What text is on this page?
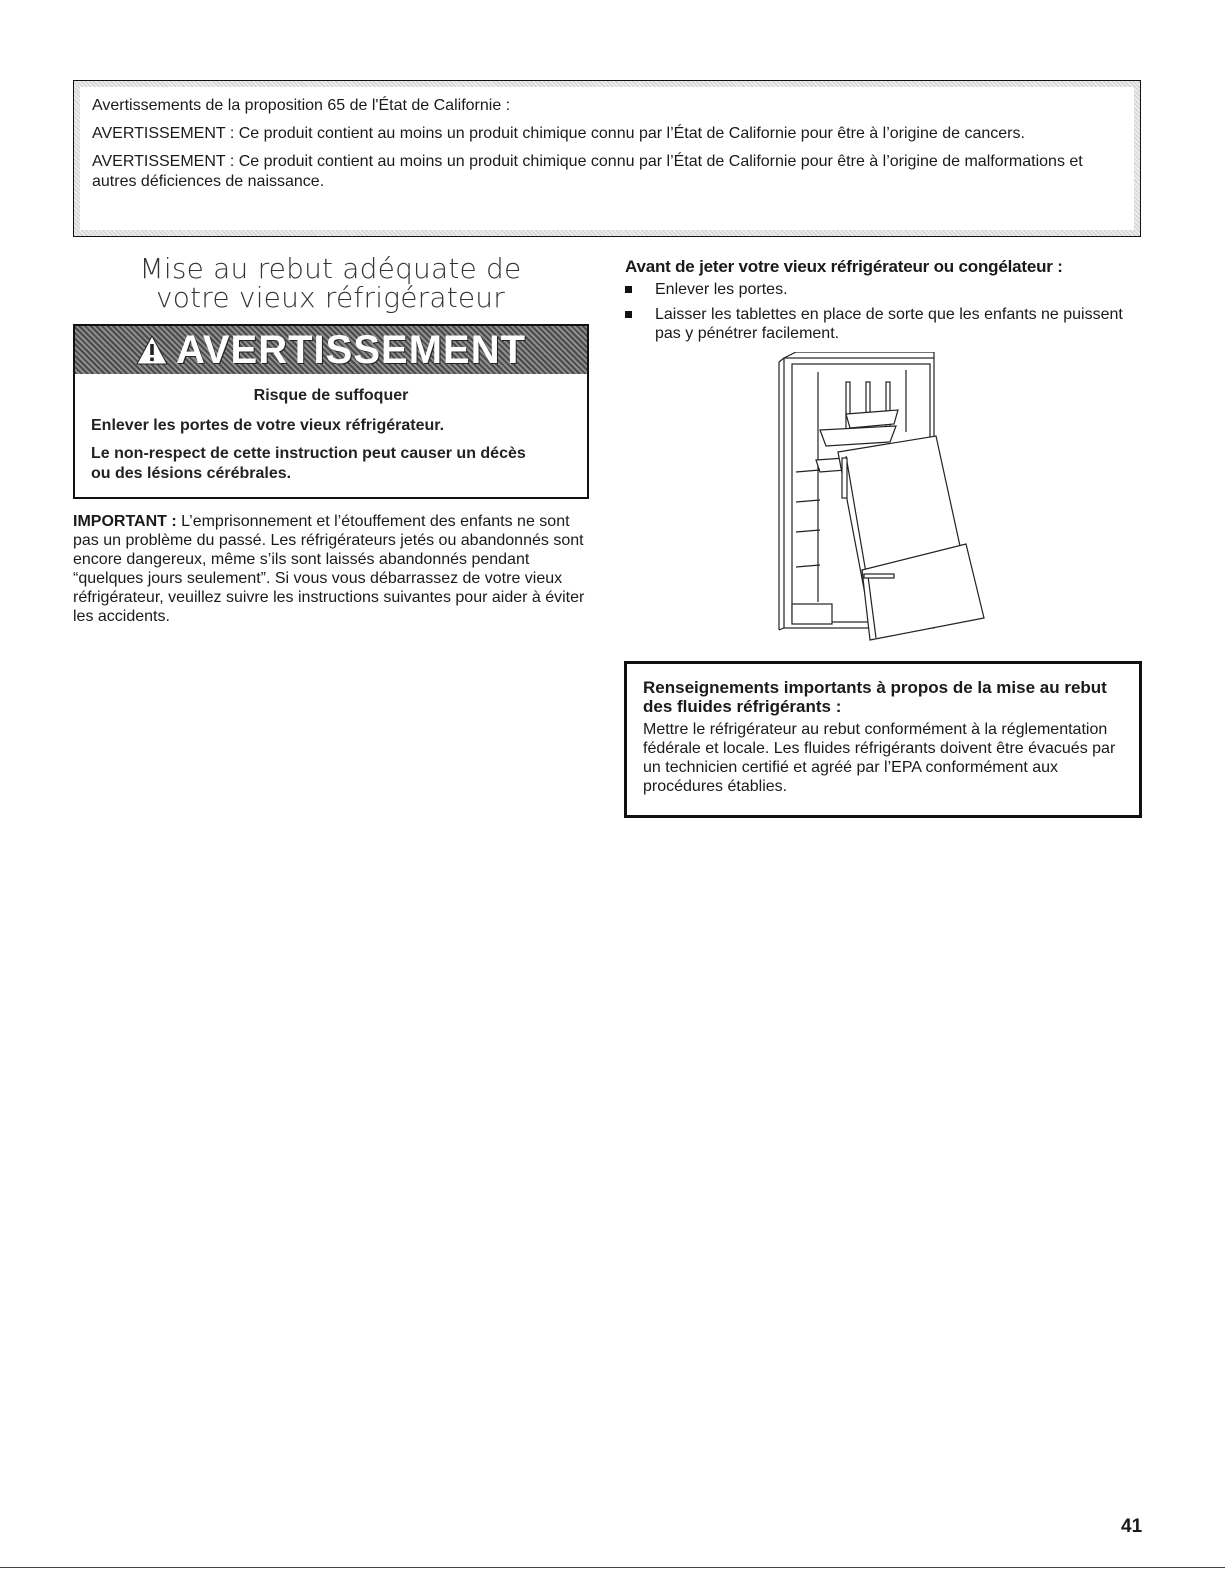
Avertissements de la proposition 65 de l'État de Californie :

AVERTISSEMENT : Ce produit contient au moins un produit chimique connu par l’État de Californie pour être à l’origine de cancers.

AVERTISSEMENT : Ce produit contient au moins un produit chimique connu par l’État de Californie pour être à l’origine de malformations et autres déficiences de naissance.

Mise au rebut adéquate de
votre vieux réfrigérateur
AVERTISSEMENT
Risque de suffoquer

Enlever les portes de votre vieux réfrigérateur.

Le non-respect de cette instruction peut causer un décès ou des lésions cérébrales.

IMPORTANT : L’emprisonnement et l’étouffement des enfants ne sont pas un problème du passé. Les réfrigérateurs jetés ou abandonnés sont encore dangereux, même s’ils sont laissés abandonnés pendant “quelques jours seulement”. Si vous vous débarrassez de votre vieux réfrigérateur, veuillez suivre les instructions suivantes pour aider à éviter les accidents.
Avant de jeter votre vieux réfrigérateur ou congélateur :
Enlever les portes.
Laisser les tablettes en place de sorte que les enfants ne puissent pas y pénétrer facilement.
Renseignements importants à propos de la mise au rebut des fluides réfrigérants :
Mettre le réfrigérateur au rebut conformément à la réglementation fédérale et locale. Les fluides réfrigérants doivent être évacués par un technicien certifié et agréé par l’EPA conformément aux procédures établies.
41
